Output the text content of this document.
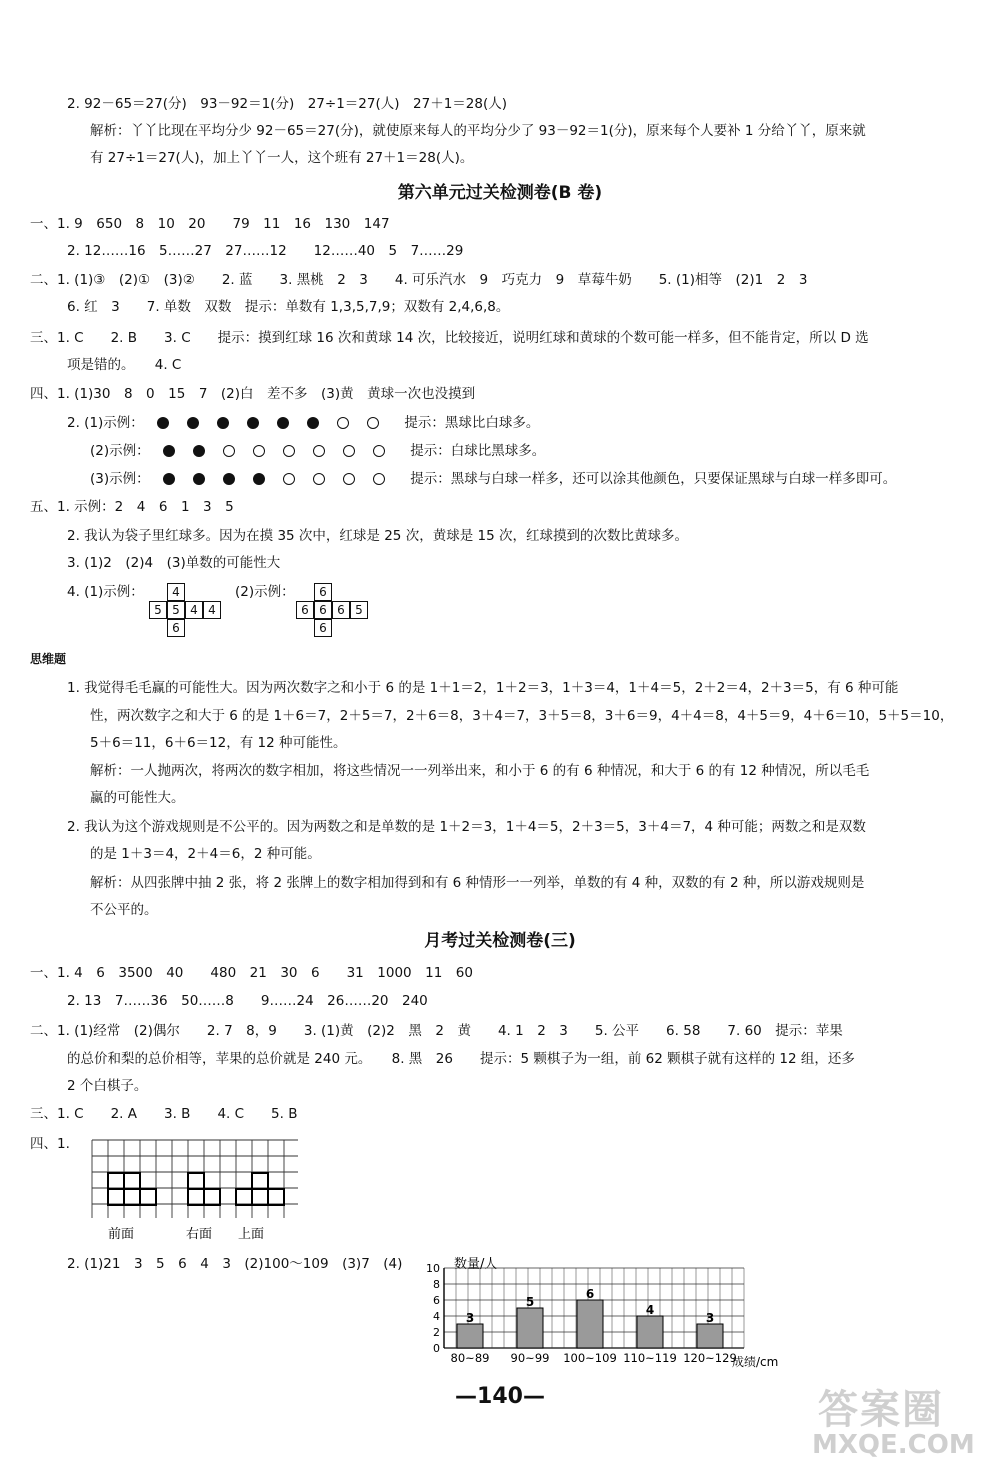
2. 92－65＝27(分)　93－92＝1(分)　27÷1＝27(人)　27＋1＝28(人)
解析：丫丫比现在平均分少 92－65＝27(分)，就使原来每人的平均分少了 93－92＝1(分)，原来每个人要补 1 分给丫丫，原来就
有 27÷1＝27(人)，加上丫丫一人，这个班有 27＋1＝28(人)。
第六单元过关检测卷(B 卷)
一、1. 9　650　8　10　20　　79　11　16　130　147
2. 12……16　5……27　27……12　　12……40　5　7……29
二、1. (1)③　(2)①　(3)②　　2. 蓝　　3. 黑桃　2　3　　4. 可乐汽水　9　巧克力　9　草莓牛奶　　5. (1)相等　(2)1　2　3
6. 红　3　　7. 单数　双数　提示：单数有 1,3,5,7,9；双数有 2,4,6,8。
三、1. C　　2. B　　3. C　　提示：摸到红球 16 次和黄球 14 次，比较接近，说明红球和黄球的个数可能一样多，但不能肯定，所以 D 选
项是错的。　　4. C
四、1. (1)30　8　0　15　7　(2)白　差不多　(3)黄　黄球一次也没摸到
2. (1)示例：	提示：黑球比白球多。
(2)示例：	提示：白球比黑球多。
(3)示例：	提示：黑球与白球一样多，还可以涂其他颜色，只要保证黑球与白球一样多即可。
五、1. 示例：2　4　6　1　3　5
2. 我认为袋子里红球多。因为在摸 35 次中，红球是 25 次，黄球是 15 次，红球摸到的次数比黄球多。
3. (1)2　(2)4　(3)单数的可能性大
4. (1)示例：	(2)示例：
4
5 5 4 4
6
6
6 6 6 5
6
思维题
1. 我觉得毛毛赢的可能性大。因为两次数字之和小于 6 的是 1＋1＝2，1＋2＝3，1＋3＝4，1＋4＝5，2＋2＝4，2＋3＝5，有 6 种可能
性，两次数字之和大于 6 的是 1＋6＝7，2＋5＝7，2＋6＝8，3＋4＝7，3＋5＝8，3＋6＝9，4＋4＝8，4＋5＝9，4＋6＝10，5＋5＝10，
5＋6＝11，6＋6＝12，有 12 种可能性。
解析：一人抛两次，将两次的数字相加，将这些情况一一列举出来，和小于 6 的有 6 种情况，和大于 6 的有 12 种情况，所以毛毛
赢的可能性大。
2. 我认为这个游戏规则是不公平的。因为两数之和是单数的是 1＋2＝3，1＋4＝5，2＋3＝5，3＋4＝7，4 种可能；两数之和是双数
的是 1＋3＝4，2＋4＝6，2 种可能。
解析：从四张牌中抽 2 张，将 2 张牌上的数字相加得到和有 6 种情形一一列举，单数的有 4 种，双数的有 2 种，所以游戏规则是
不公平的。
月考过关检测卷(三)
一、1. 4　6　3500　40　　480　21　30　6　　31　1000　11　60
2. 13　7……36　50……8　　9……24　26……20　240
二、1. (1)经常　(2)偶尔　　2. 7　8，9　　3. (1)黄　(2)2　黑　2　黄　　4. 1　2　3　　5. 公平　　6. 58　　7. 60　提示：苹果
的总价和梨的总价相等，苹果的总价就是 240 元。　　8. 黑　26　　提示：5 颗棋子为一组，前 62 颗棋子就有这样的 12 组，还多
2 个白棋子。
三、1. C　　2. A　　3. B　　4. C　　5. B
四、1.
前面	右面 上面
2. (1)21　3　5　6　4　3　(2)100～109　(3)7　(4)	数量/人
3
5
6
4
3
0
2
4
6
8
10
80~89 90~99 100~109 110~119 120~129
成绩/cm
—140—	答案圈
MXQE.COM
